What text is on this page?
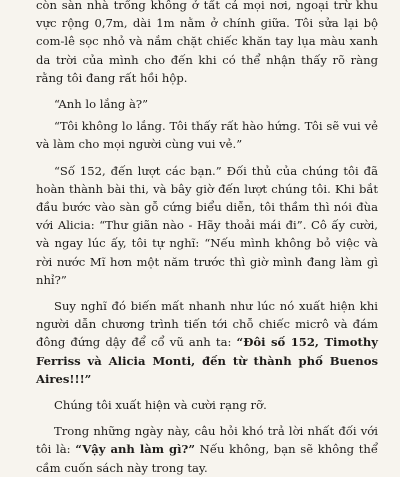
còn sàn nhà trống không ở tất cả mọi nơi, ngoại trừ khu vực rộng 0,7m, dài 1m nằm ở chính giữa. Tôi sửa lại bộ com-lê sọc nhỏ và nắm chặt chiếc khăn tay lụa màu xanh da trời của mình cho đến khi có thể nhận thấy rõ ràng rằng tôi đang rất hồi hộp.

“Anh lo lắng à?”

“Tôi không lo lắng. Tôi thấy rất hào hứng. Tôi sẽ vui vẻ và làm cho mọi người cùng vui vẻ.”

“Số 152, đến lượt các bạn.” Đối thủ của chúng tôi đã hoàn thành bài thi, và bây giờ đến lượt chúng tôi. Khi bắt đầu bước vào sàn gỗ cứng biểu diễn, tôi thầm thì nói đùa với Alicia: “Thư giãn nào - Hãy thoải mái đi”. Cô ấy cười, và ngay lúc ấy, tôi tự nghĩ: “Nếu mình không bỏ việc và rời nước Mĩ hơn một năm trước thì giờ mình đang làm gì nhỉ?”

Suy nghĩ đó biến mất nhanh như lúc nó xuất hiện khi người dẫn chương trình tiến tới chỗ chiếc micrô và đám đông đứng dậy để cổ vũ anh ta: “Đôi số 152, Timothy Ferriss và Alicia Monti, đến từ thành phố Buenos Aires!!!”

Chúng tôi xuất hiện và cười rạng rỡ.

Trong những ngày này, câu hỏi khó trả lời nhất đối với tôi là: “Vậy anh làm gì?” Nếu không, bạn sẽ không thể cầm cuốn sách này trong tay.
